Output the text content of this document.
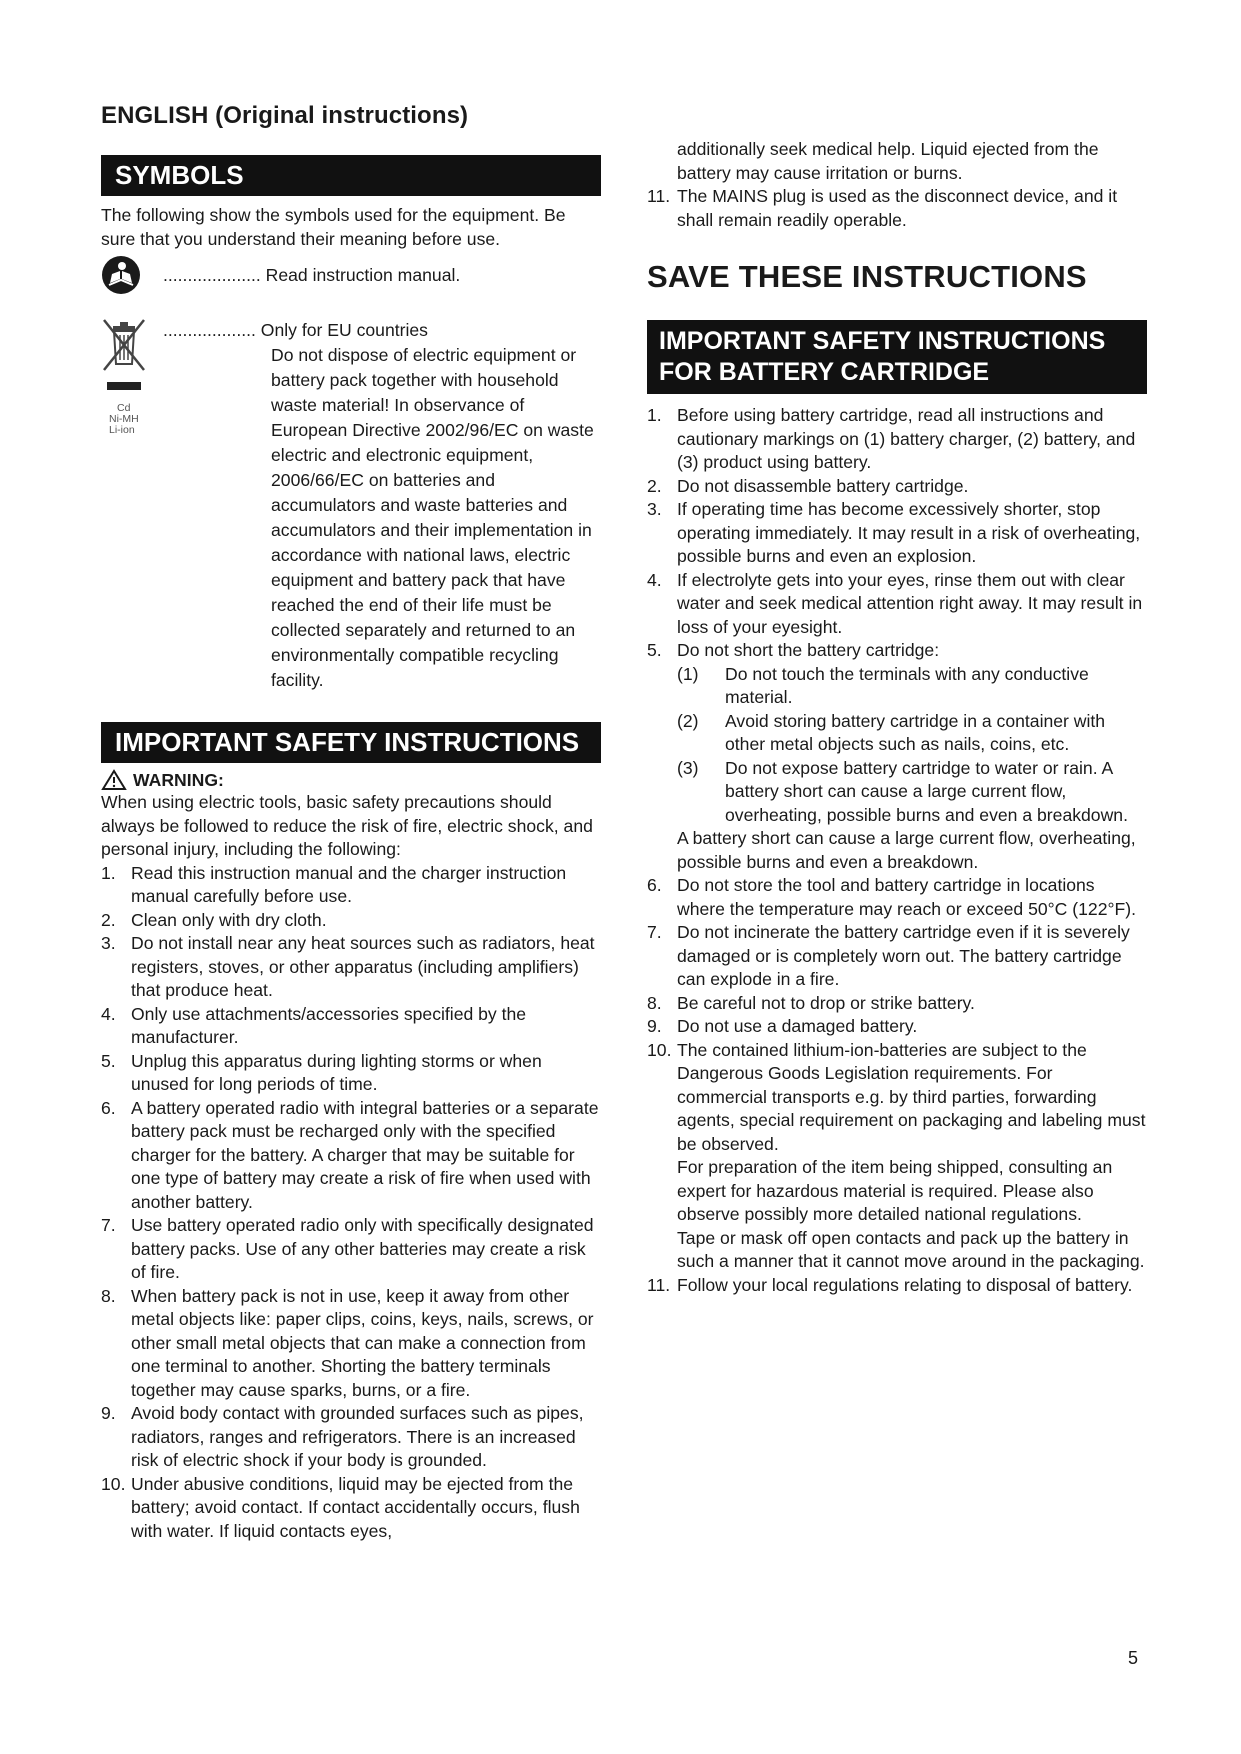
ENGLISH (Original instructions)
SYMBOLS

The following show the symbols used for the equipment. Be sure that you understand their meaning before use.

.................... Read instruction manual.
Cd
Ni-MH
Li-ion
................... Only for EU countries
Do not dispose of electric equipment or battery pack together with household waste material! In observance of European Directive 2002/96/EC on waste electric and electronic equipment, 2006/66/EC on batteries and accumulators and waste batteries and accumulators and their implementation in accordance with national laws, electric equipment and battery pack that have reached the end of their life must be collected separately and returned to an environmentally compatible recycling facility.
IMPORTANT SAFETY INSTRUCTIONS
WARNING:

When using electric tools, basic safety precautions should always be followed to reduce the risk of fire, electric shock, and personal injury, including the following:

1. Read this instruction manual and the charger instruction manual carefully before use.
2. Clean only with dry cloth.
3. Do not install near any heat sources such as radiators, heat registers, stoves, or other apparatus (including amplifiers) that produce heat.
4. Only use attachments/accessories specified by the manufacturer.
5. Unplug this apparatus during lighting storms or when unused for long periods of time.
6. A battery operated radio with integral batteries or a separate battery pack must be recharged only with the specified charger for the battery. A charger that may be suitable for one type of battery may create a risk of fire when used with another battery.
7. Use battery operated radio only with specifically designated battery packs. Use of any other batteries may create a risk of fire.
8. When battery pack is not in use, keep it away from other metal objects like: paper clips, coins, keys, nails, screws, or other small metal objects that can make a connection from one terminal to another. Shorting the battery terminals together may cause sparks, burns, or a fire.
9. Avoid body contact with grounded surfaces such as pipes, radiators, ranges and refrigerators. There is an increased risk of electric shock if your body is grounded.
10. Under abusive conditions, liquid may be ejected from the battery; avoid contact. If contact accidentally occurs, flush with water. If liquid contacts eyes,
additionally seek medical help. Liquid ejected from the battery may cause irritation or burns.
11. The MAINS plug is used as the disconnect device, and it shall remain readily operable.
SAVE THESE INSTRUCTIONS
IMPORTANT SAFETY INSTRUCTIONS
FOR BATTERY CARTRIDGE
1. Before using battery cartridge, read all instructions and cautionary markings on (1) battery charger, (2) battery, and (3) product using battery.
2. Do not disassemble battery cartridge.
3. If operating time has become excessively shorter, stop operating immediately. It may result in a risk of overheating, possible burns and even an explosion.
4. If electrolyte gets into your eyes, rinse them out with clear water and seek medical attention right away. It may result in loss of your eyesight.
5. Do not short the battery cartridge:
(1) Do not touch the terminals with any conductive material.
(2) Avoid storing battery cartridge in a container with other metal objects such as nails, coins, etc.
(3) Do not expose battery cartridge to water or rain. A battery short can cause a large current flow, overheating, possible burns and even a breakdown.
A battery short can cause a large current flow, overheating, possible burns and even a breakdown.
6. Do not store the tool and battery cartridge in locations where the temperature may reach or exceed 50°C (122°F).
7. Do not incinerate the battery cartridge even if it is severely damaged or is completely worn out. The battery cartridge can explode in a fire.
8. Be careful not to drop or strike battery.
9. Do not use a damaged battery.
10. The contained lithium-ion-batteries are subject to the Dangerous Goods Legislation requirements. For commercial transports e.g. by third parties, forwarding agents, special requirement on packaging and labeling must be observed.
For preparation of the item being shipped, consulting an expert for hazardous material is required. Please also observe possibly more detailed national regulations.
Tape or mask off open contacts and pack up the battery in such a manner that it cannot move around in the packaging.
11. Follow your local regulations relating to disposal of battery.
5
